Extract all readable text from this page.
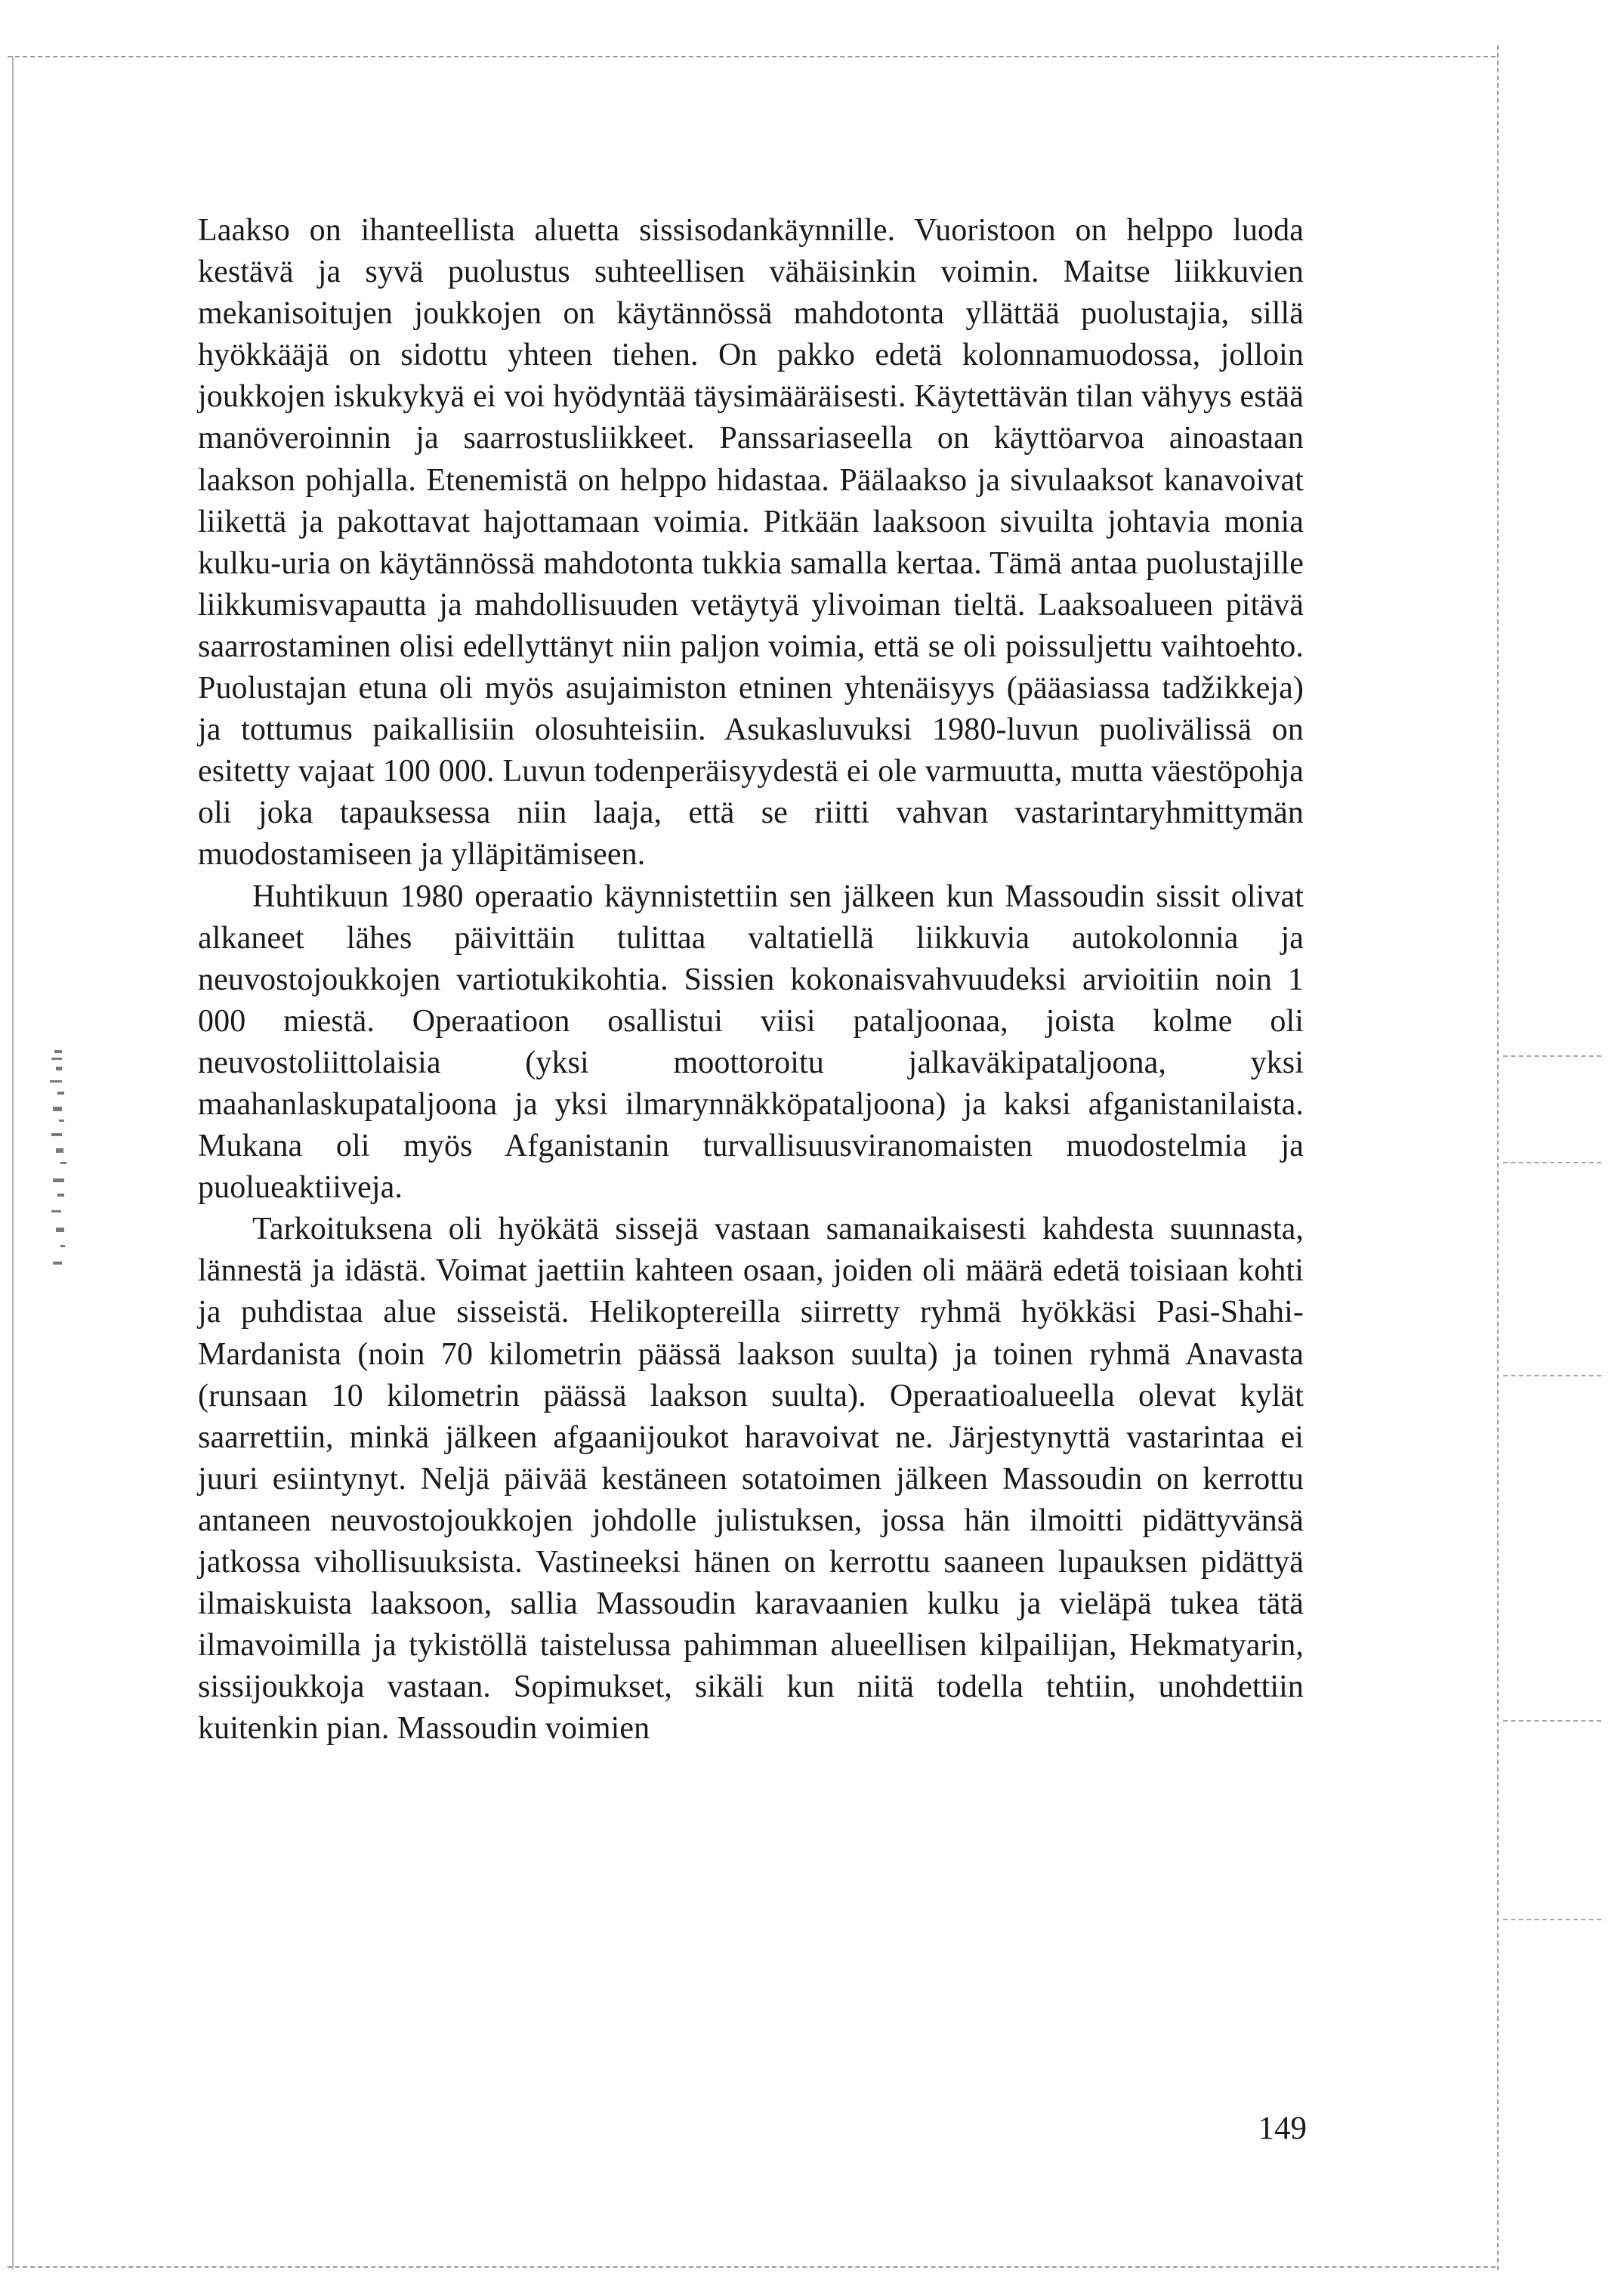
Laakso on ihanteellista aluetta sissisodankäynnille. Vuoristoon on helppo luoda kestävä ja syvä puolustus suhteellisen vähäisinkin voimin. Maitse liikkuvien mekanisoitujen joukkojen on käytännössä mahdotonta yllättää puolustajia, sillä hyökkääjä on sidottu yhteen tiehen. On pakko edetä kolonnamuodossa, jolloin joukkojen iskukykyä ei voi hyödyntää täysimääräisesti. Käytettävän tilan vähyys estää manöveroinnin ja saarrostusliikkeet. Panssariaseella on käyttöarvoa ainoastaan laakson pohjalla. Etenemistä on helppo hidastaa. Päälaakso ja sivulaaksot kanavoivat liikettä ja pakottavat hajottamaan voimia. Pitkään laaksoon sivuilta johtavia monia kulku-uria on käytännössä mahdotonta tukkia samalla kertaa. Tämä antaa puolustajille liikkumisvapautta ja mahdollisuuden vetäytyä ylivoiman tieltä. Laaksoalueen pitävä saarrostaminen olisi edellyttänyt niin paljon voimia, että se oli poissuljettu vaihtoehto. Puolustajan etuna oli myös asujaimiston etninen yhtenäisyys (pääasiassa tadžikkeja) ja tottumus paikallisiin olosuhteisiin. Asukasluvuksi 1980-luvun puolivälissä on esitetty vajaat 100 000. Luvun todenperäisyydestä ei ole varmuutta, mutta väestöpohja oli joka tapauksessa niin laaja, että se riitti vahvan vastarintaryhmittymän muodostamiseen ja ylläpitämiseen.

Huhtikuun 1980 operaatio käynnistettiin sen jälkeen kun Massoudin sissit olivat alkaneet lähes päivittäin tulittaa valtatiellä liikkuvia autokolonnia ja neuvostojoukkojen vartiotukikohtia. Sissien kokonaisvahvuudeksi arvioitiin noin 1 000 miestä. Operaatioon osallistui viisi pataljoonaa, joista kolme oli neuvostoliittolaisia (yksi moottoroitu jalkaväkipataljoona, yksi maahanlaskupataljoona ja yksi ilmarynnäkköpataljoona) ja kaksi afganistanilaista. Mukana oli myös Afganistanin turvallisuusviranomaisten muodostelmia ja puolueaktiiveja.

Tarkoituksena oli hyökätä sissejä vastaan samanaikaisesti kahdesta suunnasta, lännestä ja idästä. Voimat jaettiin kahteen osaan, joiden oli määrä edetä toisiaan kohti ja puhdistaa alue sisseistä. Helikoptereilla siirretty ryhmä hyökkäsi Pasi-Shahi-Mardanista (noin 70 kilometrin päässä laakson suulta) ja toinen ryhmä Anavasta (runsaan 10 kilometrin päässä laakson suulta). Operaatioalueella olevat kylät saarrettiin, minkä jälkeen afgaanijoukot haravoivat ne. Järjestynyttä vastarintaa ei juuri esiintynyt. Neljä päivää kestäneen sotatoimen jälkeen Massoudin on kerrottu antaneen neuvostojoukkojen johdolle julistuksen, jossa hän ilmoitti pidättyvänsä jatkossa vihollisuuksista. Vastineeksi hänen on kerrottu saaneen lupauksen pidättyä ilmaiskuista laaksoon, sallia Massoudin karavaanien kulku ja vieläpä tukea tätä ilmavoimilla ja tykistöllä taistelussa pahimman alueellisen kilpailijan, Hekmatyarin, sissijoukkoja vastaan. Sopimukset, sikäli kun niitä todella tehtiin, unohdettiin kuitenkin pian. Massoudin voimien

149
